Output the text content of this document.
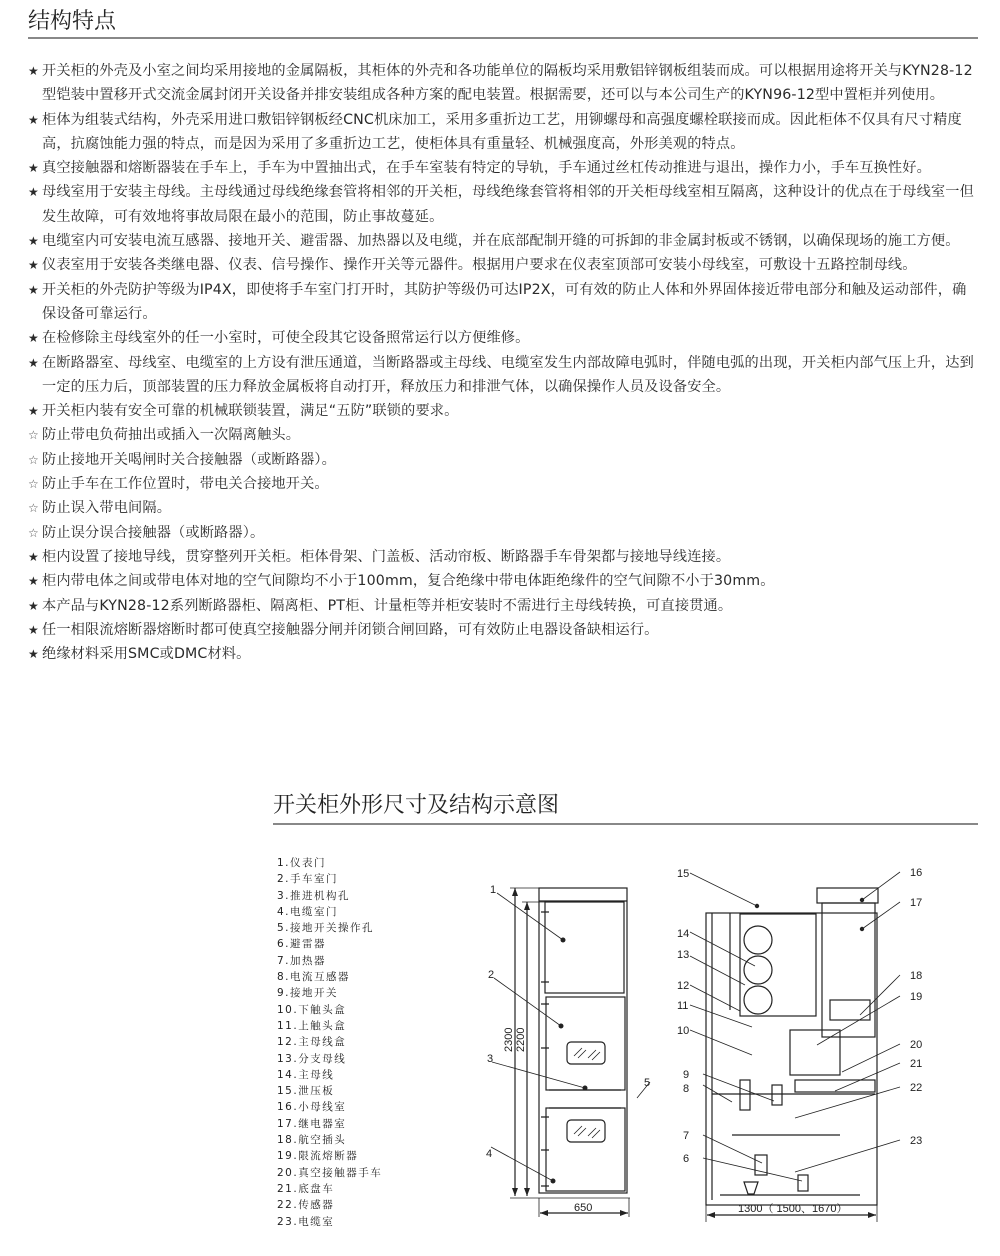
结构特点
★ 开关柜的外壳及小室之间均采用接地的金属隔板，其柜体的外壳和各功能单位的隔板均采用敷铝锌钢板组装而成。可以根据用途将开关与KYN28-12型铠装中置移开式交流金属封闭开关设备并排安装组成各种方案的配电装置。根据需要，还可以与本公司生产的KYN96-12型中置柜并列使用。
★ 柜体为组装式结构，外壳采用进口敷铝锌钢板经CNC机床加工，采用多重折边工艺，用铆螺母和高强度螺栓联接而成。因此柜体不仅具有尺寸精度高，抗腐蚀能力强的特点，而是因为采用了多重折边工艺，使柜体具有重量轻、机械强度高，外形美观的特点。
★ 真空接触器和熔断器装在手车上，手车为中置抽出式，在手车室装有特定的导轨，手车通过丝杠传动推进与退出，操作力小，手车互换性好。
★ 母线室用于安装主母线。主母线通过母线绝缘套管将相邻的开关柜，母线绝缘套管将相邻的开关柜母线室相互隔离，这种设计的优点在于母线室一但发生故障，可有效地将事故局限在最小的范围，防止事故蔓延。
★ 电缆室内可安装电流互感器、接地开关、避雷器、加热器以及电缆，并在底部配制开缝的可拆卸的非金属封板或不锈钢，以确保现场的施工方便。
★ 仪表室用于安装各类继电器、仪表、信号操作、操作开关等元器件。根据用户要求在仪表室顶部可安装小母线室，可敷设十五路控制母线。
★ 开关柜的外壳防护等级为IP4X，即使将手车室门打开时，其防护等级仍可达IP2X，可有效的防止人体和外界固体接近带电部分和触及运动部件，确保设备可靠运行。
★ 在检修除主母线室外的任一小室时，可使全段其它设备照常运行以方便维修。
★ 在断路器室、母线室、电缆室的上方设有泄压通道，当断路器或主母线、电缆室发生内部故障电弧时，伴随电弧的出现，开关柜内部气压上升，达到一定的压力后，顶部装置的压力释放金属板将自动打开，释放压力和排泄气体，以确保操作人员及设备安全。
★ 开关柜内装有安全可靠的机械联锁装置，满足“五防”联锁的要求。
☆ 防止带电负荷抽出或插入一次隔离触头。
☆ 防止接地开关喝闸时关合接触器（或断路器）。
☆ 防止手车在工作位置时，带电关合接地开关。
☆ 防止误入带电间隔。
☆ 防止误分误合接触器（或断路器）。
★ 柜内设置了接地导线，贯穿整列开关柜。柜体骨架、门盖板、活动帘板、断路器手车骨架都与接地导线连接。
★ 柜内带电体之间或带电体对地的空气间隙均不小于100mm，复合绝缘中带电体距绝缘件的空气间隙不小于30mm。
★ 本产品与KYN28-12系列断路器柜、隔离柜、PT柜、计量柜等并柜安装时不需进行主母线转换，可直接贯通。
★ 任一相限流熔断器熔断时都可使真空接触器分闸并闭锁合闸回路，可有效防止电器设备缺相运行。
★ 绝缘材料采用SMC或DMC材料。
开关柜外形尺寸及结构示意图
1.仪表门
2.手车室门
3.推进机构孔
4.电缆室门
5.接地开关操作孔
6.避雷器
7.加热器
8.电流互感器
9.接地开关
10.下触头盒
11.上触头盒
12.主母线盒
13.分支母线
14.主母线
15.泄压板
16.小母线室
17.继电器室
18.航空插头
19.限流熔断器
20.真空接触器手车
21.底盘车
22.传感器
23.电缆室
2300 2200
650	1300（ 1500、1670）
1
2
3
4
5
15
14
13
12
11
10
9
8
7
6
16
17
18
19
20
21
22
23
